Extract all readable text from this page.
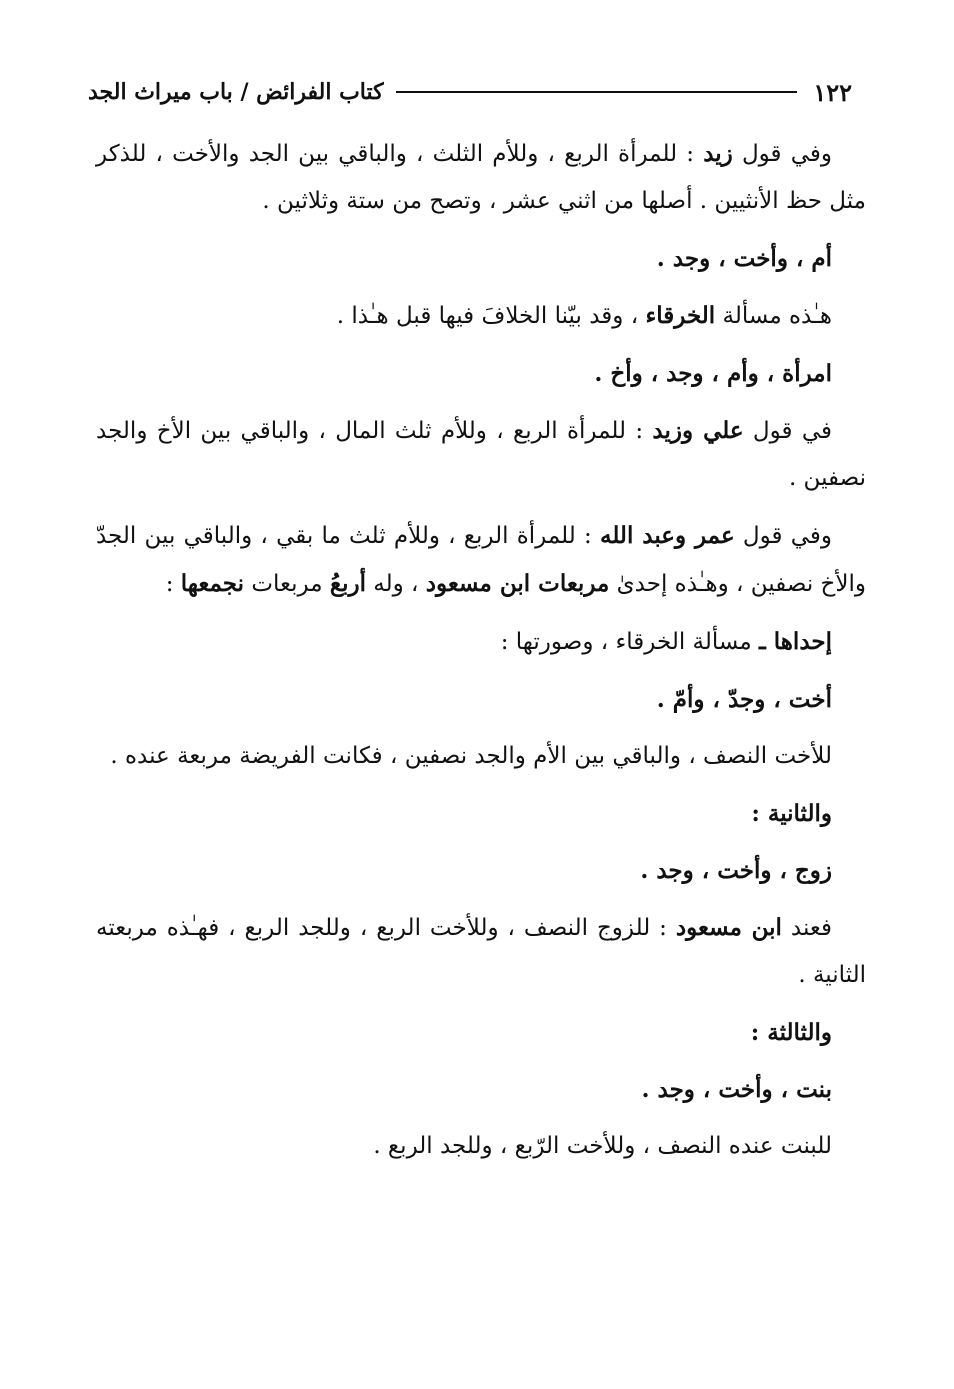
١٢٢
كتاب الفرائض / باب ميراث الجد

وفي قول زيد : للمرأة الربع ، وللأم الثلث ، والباقي بين الجد والأخت ، للذكر مثل حظ الأنثيين . أصلها من اثني عشر ، وتصح من ستة وثلاثين .

أم ، وأخت ، وجد .

هـٰذه مسألة الخرقاء ، وقد بيّنا الخلافَ فيها قبل هـٰذا .

امرأة ، وأم ، وجد ، وأخ .

في قول علي وزيد : للمرأة الربع ، وللأم ثلث المال ، والباقي بين الأخ والجد نصفين .

وفي قول عمر وعبد الله : للمرأة الربع ، وللأم ثلث ما بقي ، والباقي بين الجدّ والأخ نصفين ، وهـٰذه إحدىٰ مربعات ابن مسعود ، وله أربعُ مربعات نجمعها :

إحداها ـ مسألة الخرقاء ، وصورتها :

أخت ، وجدّ ، وأمّ .

للأخت النصف ، والباقي بين الأم والجد نصفين ، فكانت الفريضة مربعة عنده .

والثانية :

زوج ، وأخت ، وجد .

فعند ابن مسعود : للزوج النصف ، وللأخت الربع ، وللجد الربع ، فهـٰذه مربعته الثانية .

والثالثة :

بنت ، وأخت ، وجد .

للبنت عنده النصف ، وللأخت الرّبع ، وللجد الربع .
